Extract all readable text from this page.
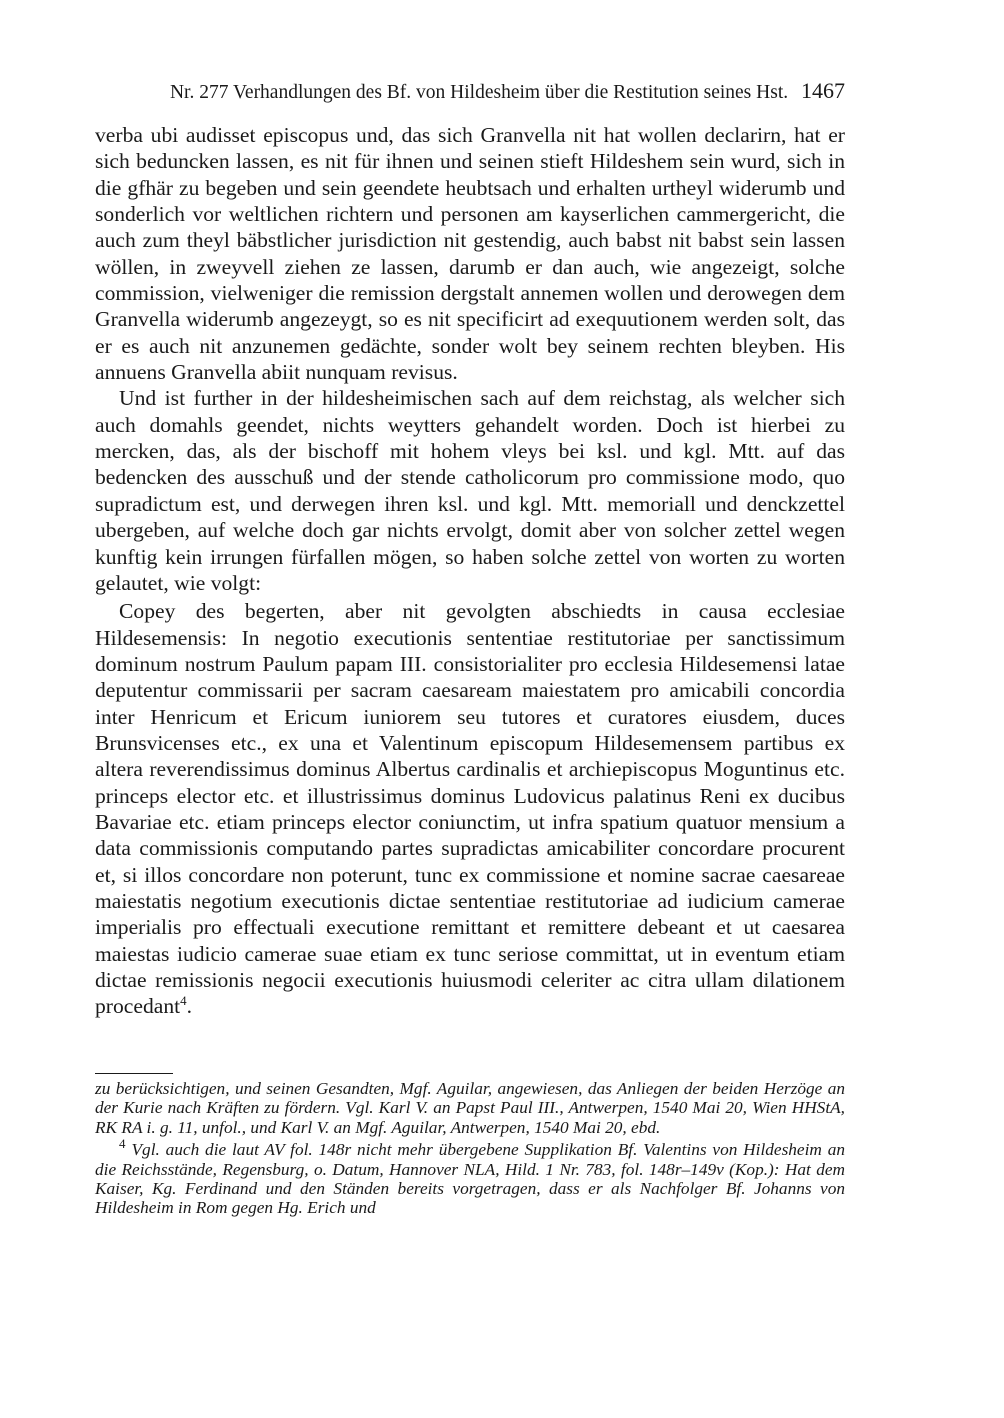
Nr. 277 Verhandlungen des Bf. von Hildesheim über die Restitution seines Hst. 1467

verba ubi audisset episcopus und, das sich Granvella nit hat wollen declarirn, hat er sich beduncken lassen, es nit für ihnen und seinen stieft Hildeshem sein wurd, sich in die gfhär zu begeben und sein geendete heubtsach und erhalten urtheyl widerumb und sonderlich vor weltlichen richtern und personen am kayserlichen cammergericht, die auch zum theyl bäbstlicher jurisdiction nit gestendig, auch babst nit babst sein lassen wöllen, in zweyvell ziehen ze lassen, darumb er dan auch, wie angezeigt, solche commission, vielweniger die remission dergstalt annemen wollen und derowegen dem Granvella widerumb angezeygt, so es nit specificirt ad exequutionem werden solt, das er es auch nit anzunemen gedächte, sonder wolt bey seinem rechten bleyben. His annuens Granvella abiit nunquam revisus.

Und ist further in der hildesheimischen sach auf dem reichstag, als welcher sich auch domahls geendet, nichts weytters gehandelt worden. Doch ist hierbei zu mercken, das, als der bischoff mit hohem vleys bei ksl. und kgl. Mtt. auf das bedencken des ausschuß und der stende catholicorum pro commissione modo, quo supradictum est, und derwegen ihren ksl. und kgl. Mtt. memoriall und denckzettel ubergeben, auf welche doch gar nichts ervolgt, domit aber von solcher zettel wegen kunftig kein irrungen fürfallen mögen, so haben solche zettel von worten zu worten gelautet, wie volgt:

Copey des begerten, aber nit gevolgten abschiedts in causa ecclesiae Hildesemensis: In negotio executionis sententiae restitutoriae per sanctissimum dominum nostrum Paulum papam III. consistorialiter pro ecclesia Hildesemensi latae deputentur commissarii per sacram caesaream maiestatem pro amicabili concordia inter Henricum et Ericum iuniorem seu tutores et curatores eiusdem, duces Brunsvicenses etc., ex una et Valentinum episcopum Hildesemensem partibus ex altera reverendissimus dominus Albertus cardinalis et archiepiscopus Moguntinus etc. princeps elector etc. et illustrissimus dominus Ludovicus palatinus Reni ex ducibus Bavariae etc. etiam princeps elector coniunctim, ut infra spatium quatuor mensium a data commissionis computando partes supradictas amicabiliter concordare procurent et, si illos concordare non poterunt, tunc ex commissione et nomine sacrae caesareae maiestatis negotium executionis dictae sententiae restitutoriae ad iudicium camerae imperialis pro effectuali executione remittant et remittere debeant et ut caesarea maiestas iudicio camerae suae etiam ex tunc seriose committat, ut in eventum etiam dictae remissionis negocii executionis huiusmodi celeriter ac citra ullam dilationem procedant$^4$.

zu berücksichtigen, und seinen Gesandten, Mgf. Aguilar, angewiesen, das Anliegen der beiden Herzöge an der Kurie nach Kräften zu fördern. Vgl. Karl V. an Papst Paul III., Antwerpen, 1540 Mai 20, Wien HHStA, RK RA i. g. 11, unfol., und Karl V. an Mgf. Aguilar, Antwerpen, 1540 Mai 20, ebd.

$^4$ Vgl. auch die laut AV fol. 148r nicht mehr übergebene Supplikation Bf. Valentins von Hildesheim an die Reichsstände, Regensburg, o. Datum, Hannover NLA, Hild. 1 Nr. 783, fol. 148r–149v (Kop.): Hat dem Kaiser, Kg. Ferdinand und den Ständen bereits vorgetragen, dass er als Nachfolger Bf. Johanns von Hildesheim in Rom gegen Hg. Erich und
